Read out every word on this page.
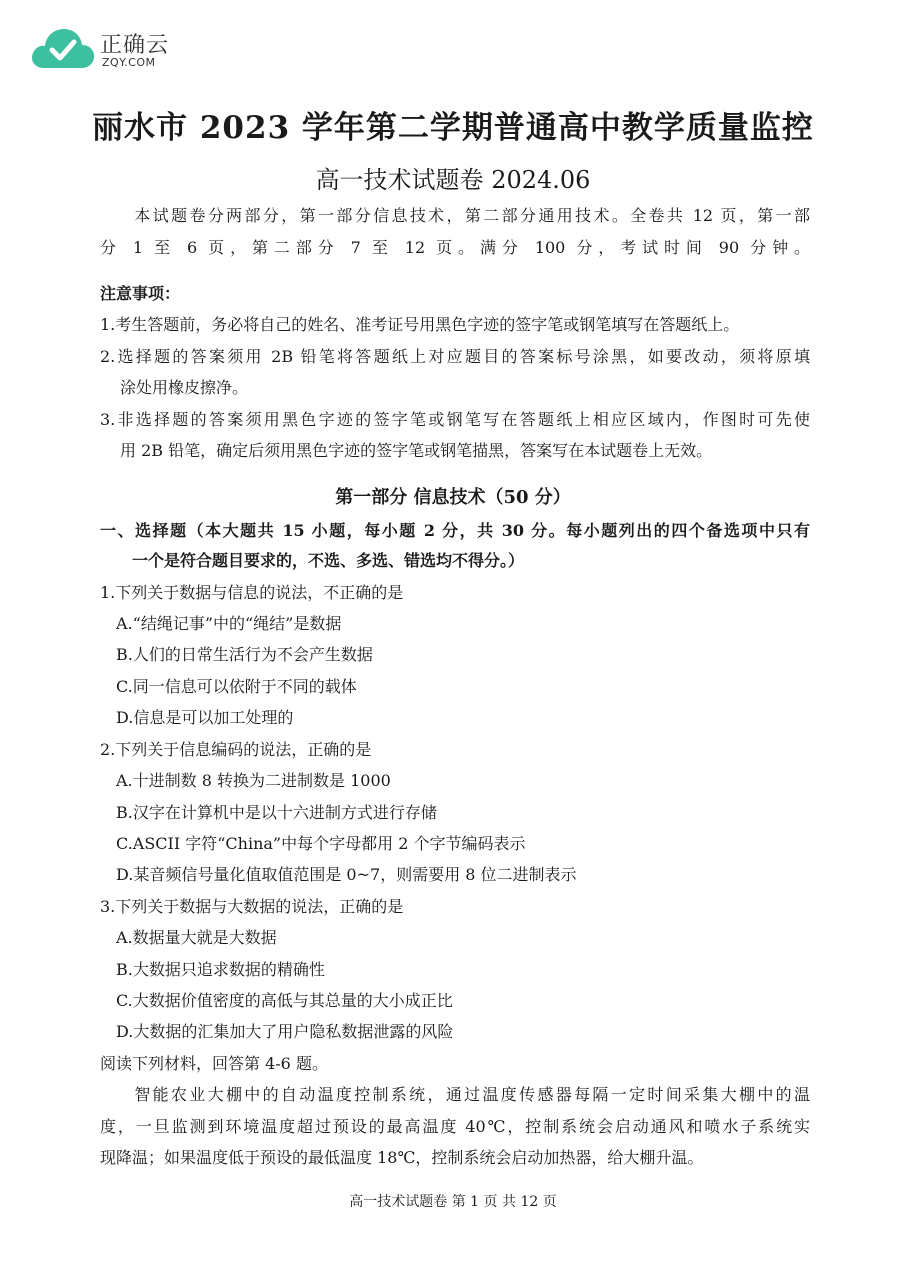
正确云
ZQY.COM
丽水市 2023 学年第二学期普通高中教学质量监控
高一技术试题卷 2024.06
本试题卷分两部分，第一部分信息技术，第二部分通用技术。全卷共 12 页，第一部
分 1 至 6 页，第二部分 7 至 12 页。满分 100 分，考试时间 90 分钟。
注意事项：
1.考生答题前，务必将自己的姓名、准考证号用黑色字迹的签字笔或钢笔填写在答题纸上。
2.选择题的答案须用 2B 铅笔将答题纸上对应题目的答案标号涂黑，如要改动，须将原填
涂处用橡皮擦净。
3.非选择题的答案须用黑色字迹的签字笔或钢笔写在答题纸上相应区域内，作图时可先使
用 2B 铅笔，确定后须用黑色字迹的签字笔或钢笔描黑，答案写在本试题卷上无效。
第一部分 信息技术（50 分）
一、选择题（本大题共 15 小题，每小题 2 分，共 30 分。每小题列出的四个备选项中只有
一个是符合题目要求的，不选、多选、错选均不得分。）
1.下列关于数据与信息的说法，不正确的是
A.“结绳记事”中的“绳结”是数据
B.人们的日常生活行为不会产生数据
C.同一信息可以依附于不同的载体
D.信息是可以加工处理的
2.下列关于信息编码的说法，正确的是
A.十进制数 8 转换为二进制数是 1000
B.汉字在计算机中是以十六进制方式进行存储
C.ASCII 字符“China”中每个字母都用 2 个字节编码表示
D.某音频信号量化值取值范围是 0~7，则需要用 8 位二进制表示
3.下列关于数据与大数据的说法，正确的是
A.数据量大就是大数据
B.大数据只追求数据的精确性
C.大数据价值密度的高低与其总量的大小成正比
D.大数据的汇集加大了用户隐私数据泄露的风险
阅读下列材料，回答第 4-6 题。
智能农业大棚中的自动温度控制系统，通过温度传感器每隔一定时间采集大棚中的温
度，一旦监测到环境温度超过预设的最高温度 40℃，控制系统会启动通风和喷水子系统实
现降温；如果温度低于预设的最低温度 18℃，控制系统会启动加热器，给大棚升温。
高一技术试题卷 第 1 页 共 12 页
